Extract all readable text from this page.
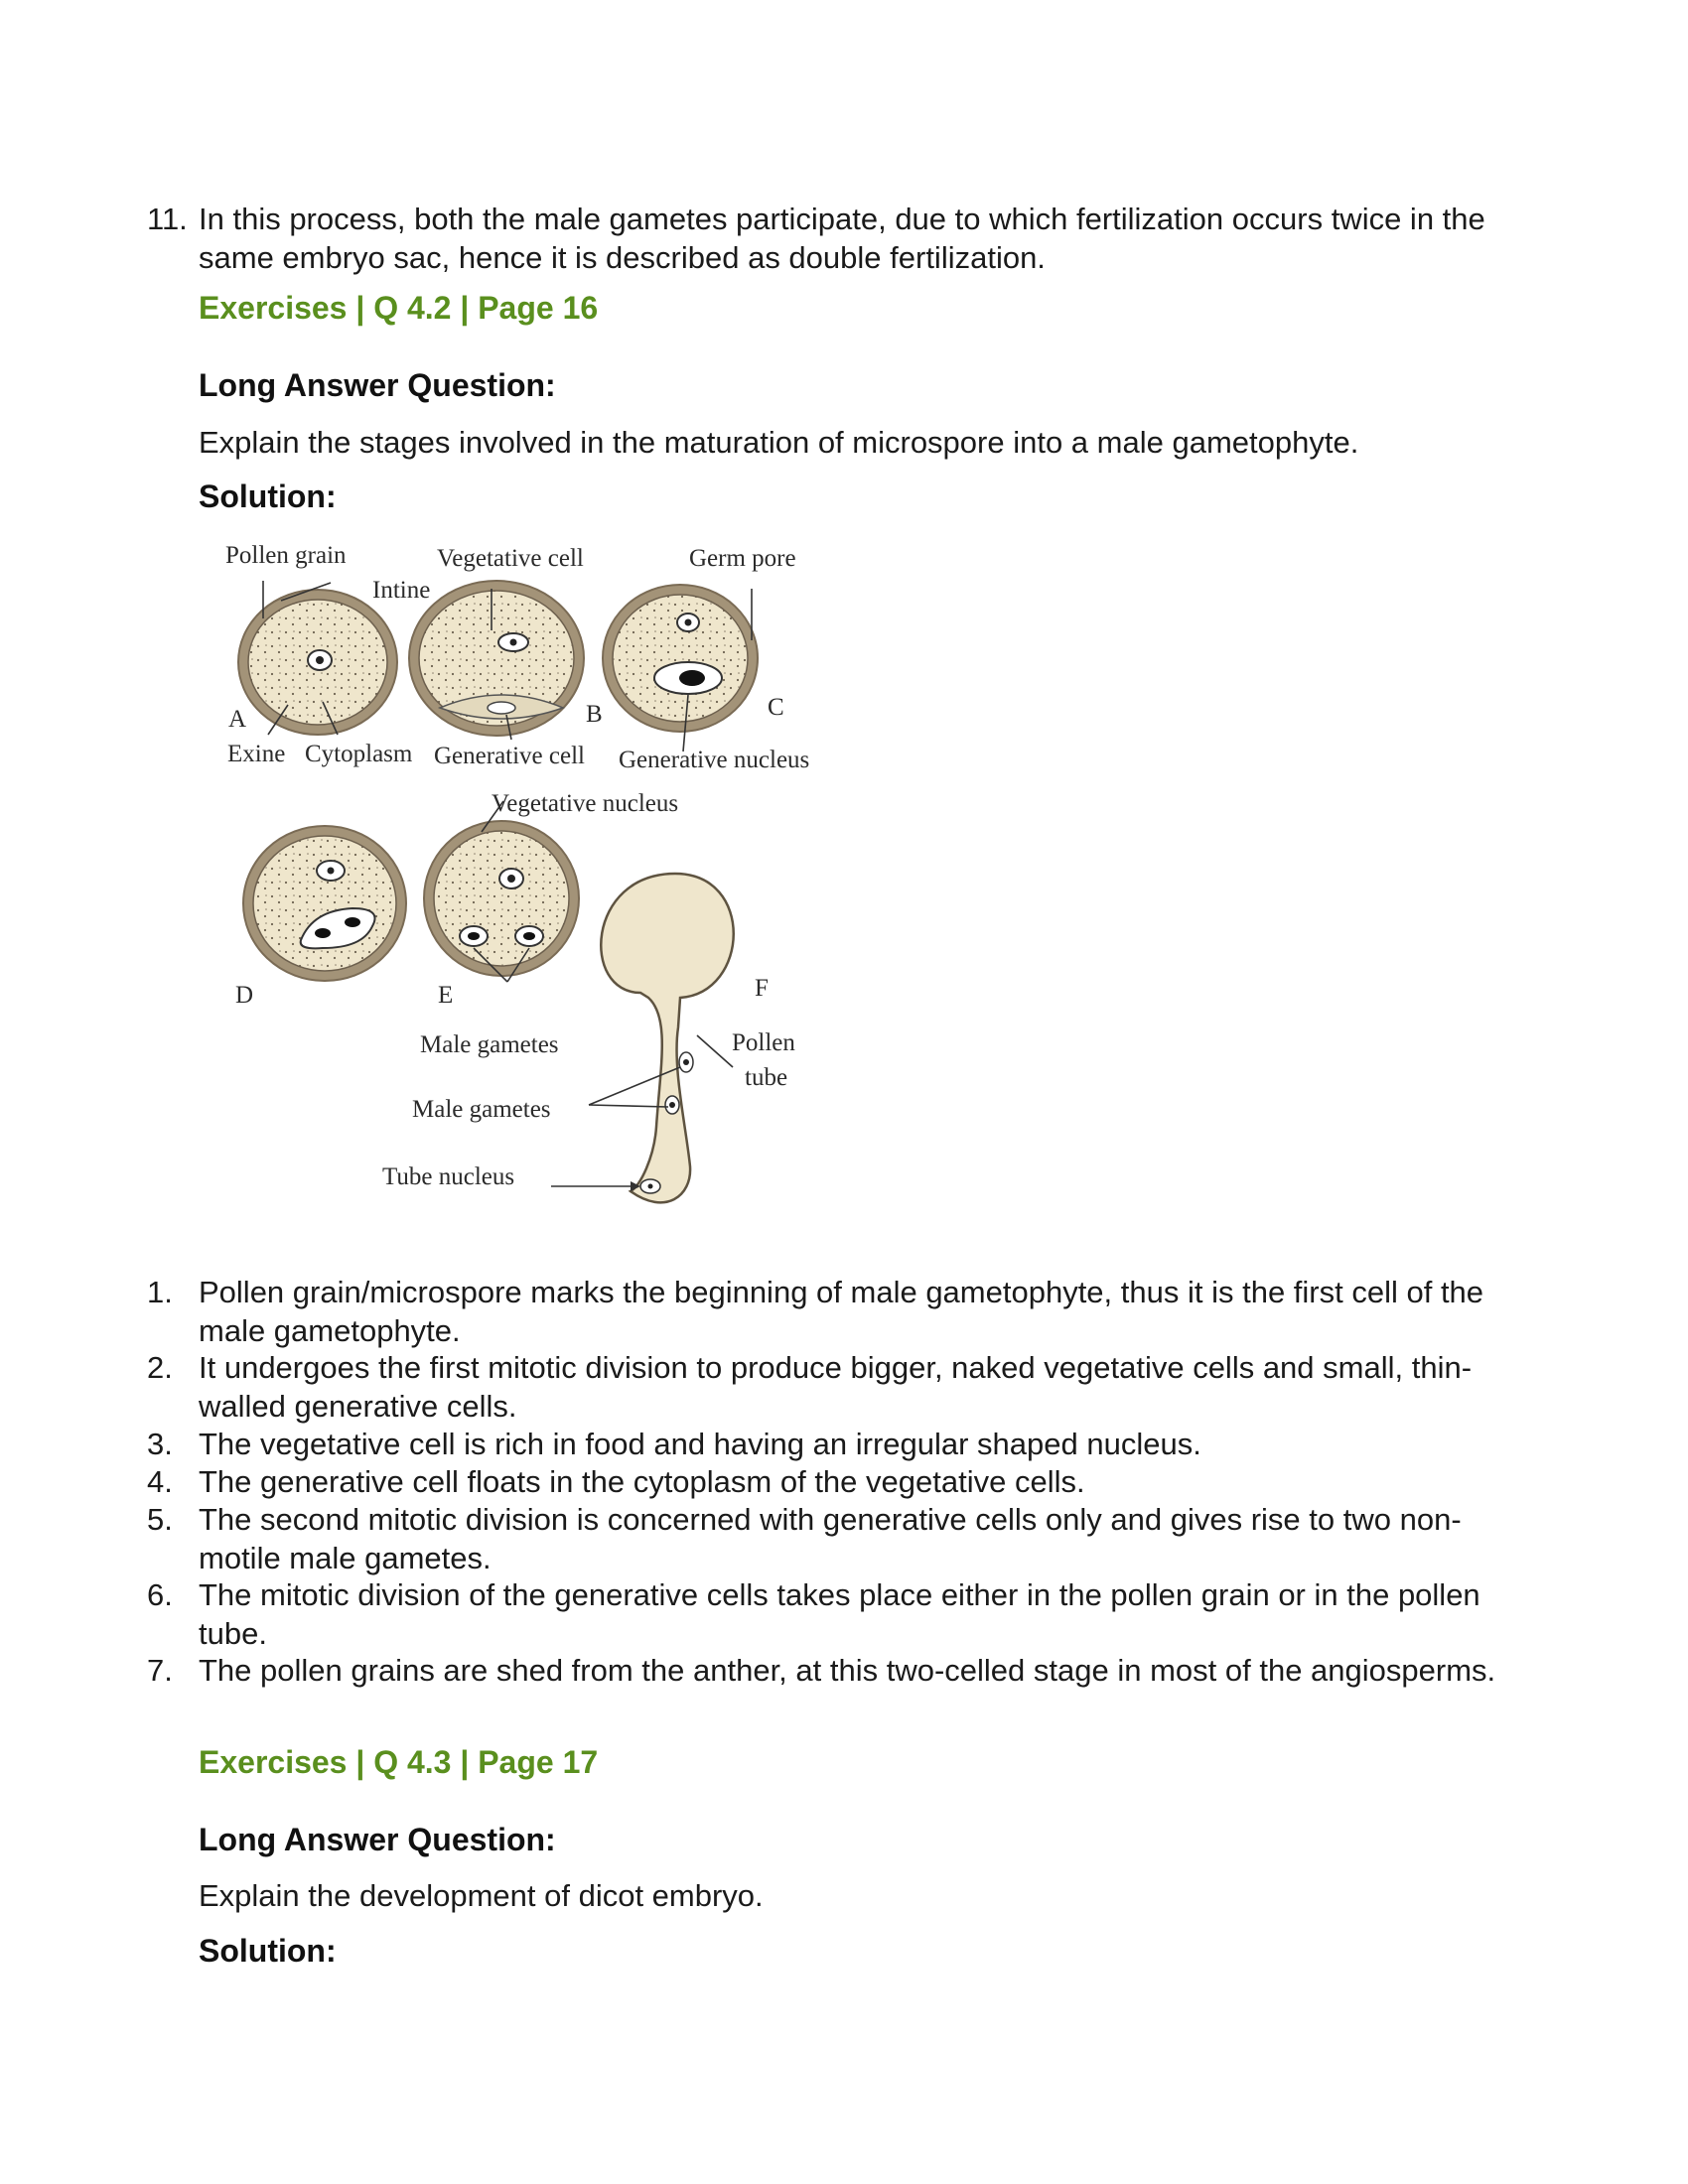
11. In this process, both the male gametes participate, due to which fertilization occurs twice in the same embryo sac, hence it is described as double fertilization.
Exercises | Q 4.2 | Page 16
Long Answer Question:
Explain the stages involved in the maturation of microspore into a male gametophyte.
Solution:
Pollen grain
Intine
Vegetative cell	Germ pore
A	B	C
Exine Cytoplasm Generative cell Generative nucleus
Vegetative nucleus
D	E	F
Male gametes	Pollen
tube
Male gametes
Tube nucleus
1. Pollen grain/microspore marks the beginning of male gametophyte, thus it is the first cell of the male gametophyte.
2. It undergoes the first mitotic division to produce bigger, naked vegetative cells and small, thin-walled generative cells.
3. The vegetative cell is rich in food and having an irregular shaped nucleus.
4. The generative cell floats in the cytoplasm of the vegetative cells.
5. The second mitotic division is concerned with generative cells only and gives rise to two non-motile male gametes.
6. The mitotic division of the generative cells takes place either in the pollen grain or in the pollen tube.
7. The pollen grains are shed from the anther, at this two-celled stage in most of the angiosperms.
Exercises | Q 4.3 | Page 17
Long Answer Question:
Explain the development of dicot embryo.
Solution:
